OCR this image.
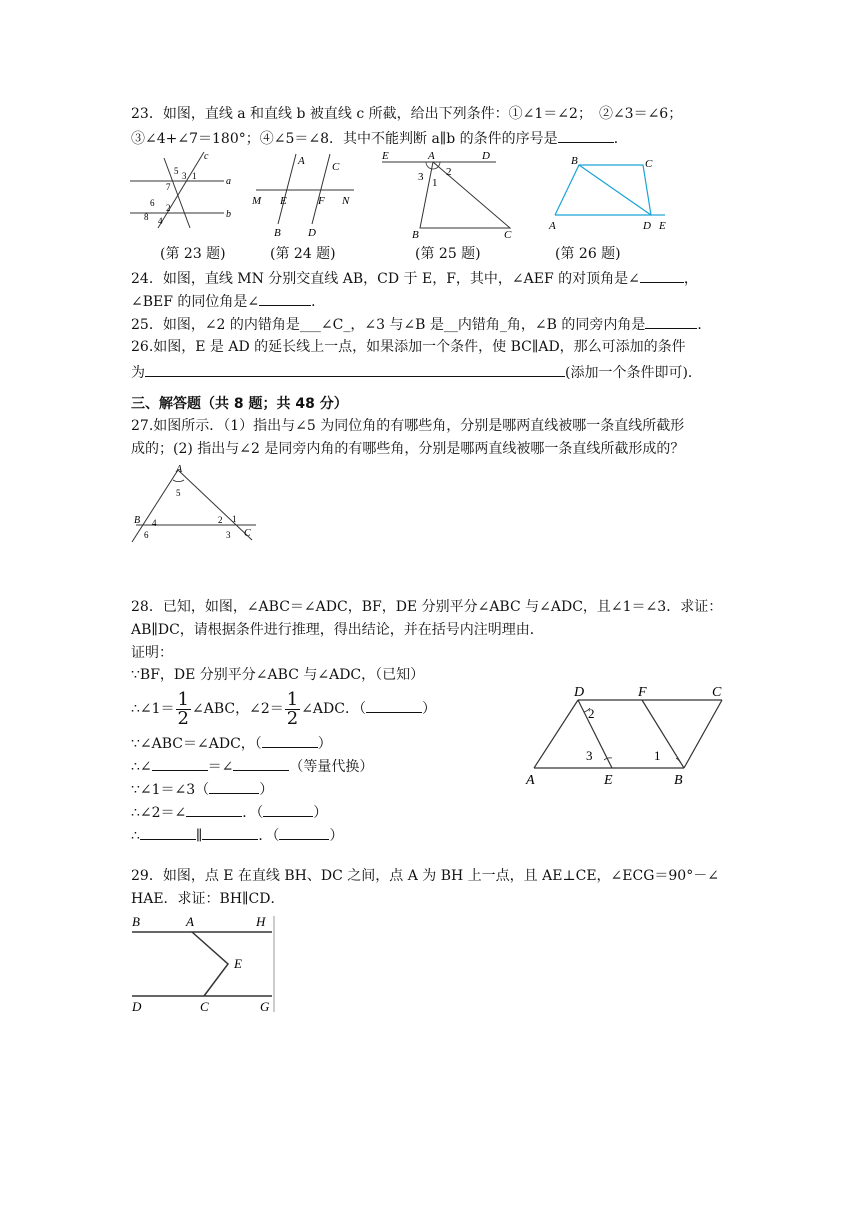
23．如图，直线 a 和直线 b 被直线 c 所截，给出下列条件：①∠1＝∠2；　②∠3＝∠6；
③∠4+∠7＝180°；④∠5＝∠8．其中不能判断 a∥b 的条件的序号是	．
c
a
b
5 3 1
7
6 2
8 4
A C
M E	F N
B D
E	A	D
3 1
2
B	C
B	C
A	D E
(第 23 题)	(第 24 题)	(第 25 题)	(第 26 题)
24．如图，直线 MN 分别交直线 AB，CD 于 E，F，其中，∠AEF 的对顶角是∠	，
∠BEF 的同位角是∠	．
25．如图，∠2 的内错角是___∠C_，∠3 与∠B 是__内错角_角，∠B 的同旁内角是	．
26.如图，E 是 AD 的延长线上一点，如果添加一个条件，使 BC∥AD，那么可添加的条件
为	(添加一个条件即可)．
三、解答题（共 8 题；共 48 分）
27.如图所示．（1）指出与∠5 为同位角的有哪些角，分别是哪两直线被哪一条直线所截形
成的；(2) 指出与∠2 是同旁内角的有哪些角，分别是哪两直线被哪一条直线所截形成的？
A
5
B 4
6
2 1
3 C
28．已知，如图，∠ABC＝∠ADC，BF，DE 分别平分∠ABC 与∠ADC，且∠1＝∠3．求证：
AB∥DC，请根据条件进行推理，得出结论，并在括号内注明理由．
证明：
∵BF，DE 分别平分∠ABC 与∠ADC，（已知）
∴∠1＝ $\frac{1}{2}$ ∠ABC，∠2＝ $\frac{1}{2}$ ∠ADC．（	）
∵∠ABC＝∠ADC，（	）
∴∠	＝∠	（等量代换）
∵∠1＝∠3（	）
∴∠2＝∠	．（	）
∴	∥	．（	）
D	F	C
2
3	1
A	E	B
29．如图，点 E 在直线 BH、DC 之间，点 A 为 BH 上一点，且 AE⊥CE，∠ECG＝90°－∠
HAE．求证：BH∥CD．
B	A	H
E
D	C	G
